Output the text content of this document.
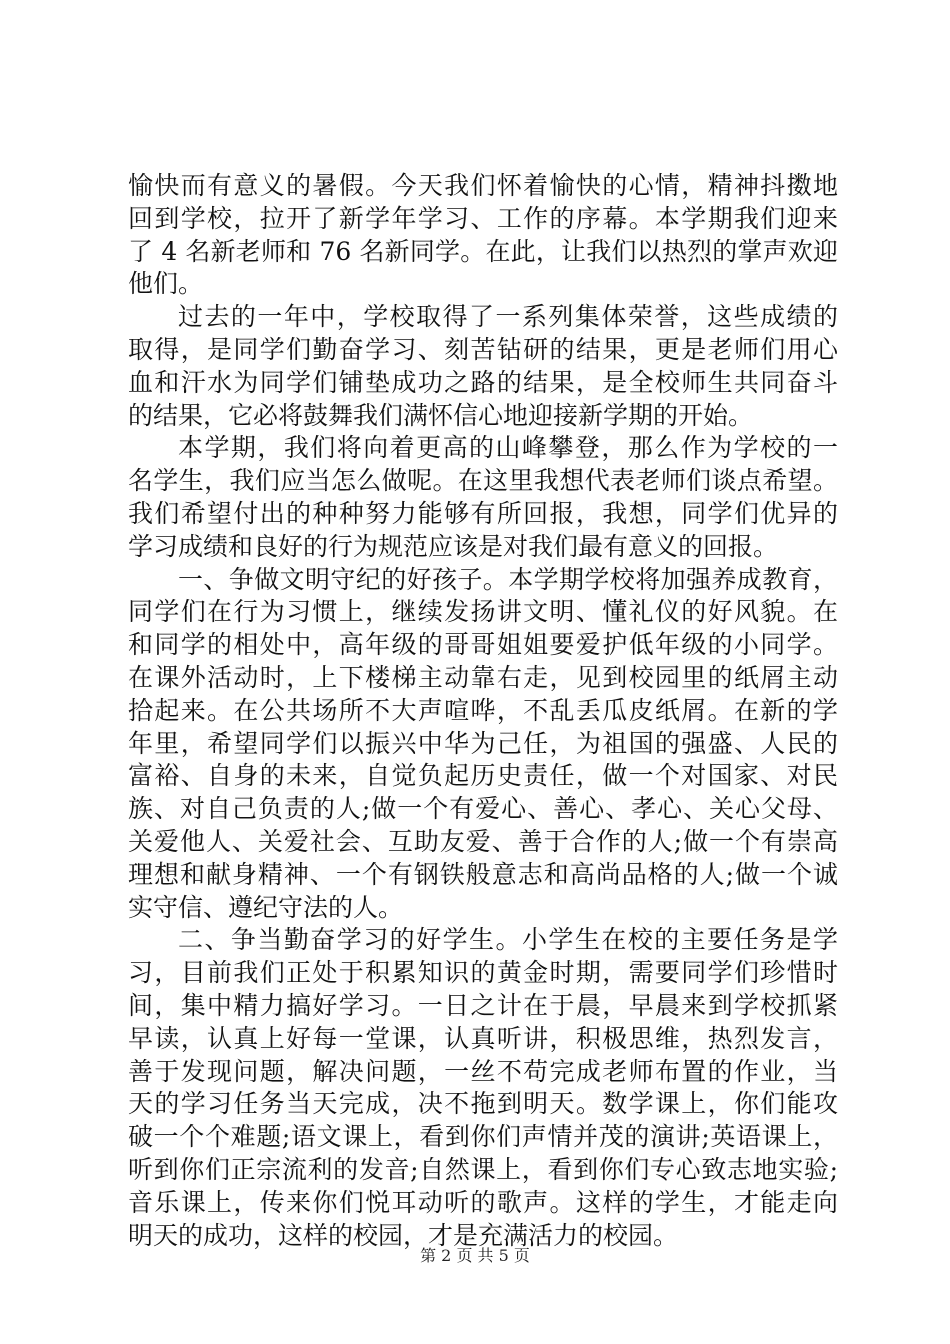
愉快而有意义的暑假。今天我们怀着愉快的心情，精神抖擞地
回到学校，拉开了新学年学习、工作的序幕。本学期我们迎来
了 4 名新老师和 76 名新同学。在此，让我们以热烈的掌声欢迎
他们。
过去的一年中，学校取得了一系列集体荣誉，这些成绩的
取得，是同学们勤奋学习、刻苦钻研的结果，更是老师们用心
血和汗水为同学们铺垫成功之路的结果，是全校师生共同奋斗
的结果，它必将鼓舞我们满怀信心地迎接新学期的开始。
本学期，我们将向着更高的山峰攀登，那么作为学校的一
名学生，我们应当怎么做呢。在这里我想代表老师们谈点希望。
我们希望付出的种种努力能够有所回报，我想，同学们优异的
学习成绩和良好的行为规范应该是对我们最有意义的回报。
一、争做文明守纪的好孩子。本学期学校将加强养成教育，
同学们在行为习惯上，继续发扬讲文明、懂礼仪的好风貌。在
和同学的相处中，高年级的哥哥姐姐要爱护低年级的小同学。
在课外活动时，上下楼梯主动靠右走，见到校园里的纸屑主动
拾起来。在公共场所不大声喧哗，不乱丢瓜皮纸屑。在新的学
年里，希望同学们以振兴中华为己任，为祖国的强盛、人民的
富裕、自身的未来，自觉负起历史责任，做一个对国家、对民
族、对自己负责的人;做一个有爱心、善心、孝心、关心父母、
关爱他人、关爱社会、互助友爱、善于合作的人;做一个有崇高
理想和献身精神、一个有钢铁般意志和高尚品格的人;做一个诚
实守信、遵纪守法的人。
二、争当勤奋学习的好学生。小学生在校的主要任务是学
习，目前我们正处于积累知识的黄金时期，需要同学们珍惜时
间，集中精力搞好学习。一日之计在于晨，早晨来到学校抓紧
早读，认真上好每一堂课，认真听讲，积极思维，热烈发言，
善于发现问题，解决问题，一丝不苟完成老师布置的作业，当
天的学习任务当天完成，决不拖到明天。数学课上，你们能攻
破一个个难题;语文课上，看到你们声情并茂的演讲;英语课上，
听到你们正宗流利的发音;自然课上，看到你们专心致志地实验;
音乐课上，传来你们悦耳动听的歌声。这样的学生，才能走向
明天的成功，这样的校园，才是充满活力的校园。
第 2 页 共 5 页
